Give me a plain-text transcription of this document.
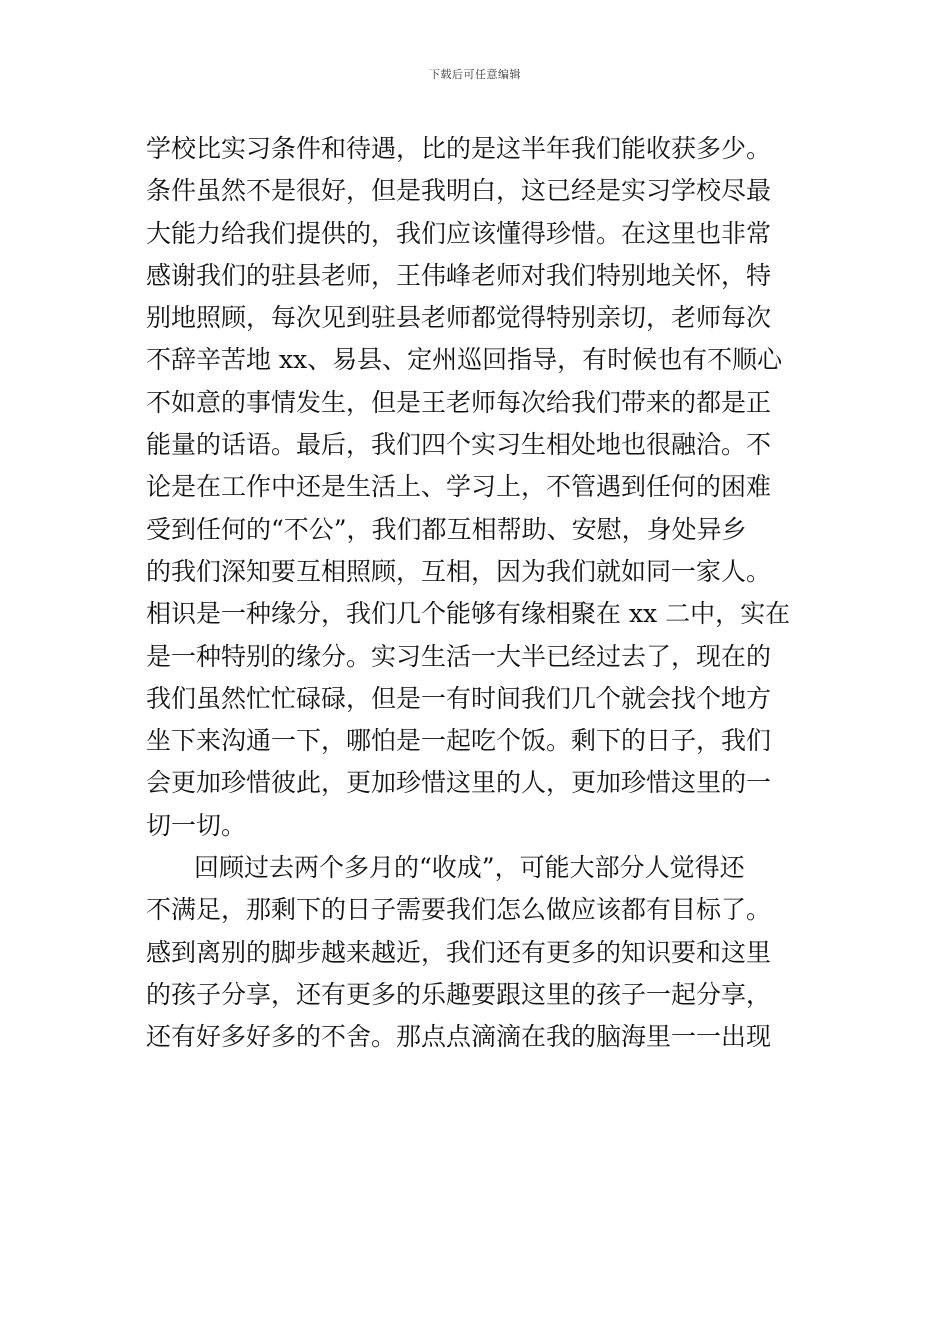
下载后可任意编辑
学校比实习条件和待遇，比的是这半年我们能收获多少。
条件虽然不是很好，但是我明白，这已经是实习学校尽最
大能力给我们提供的，我们应该懂得珍惜。在这里也非常
感谢我们的驻县老师，王伟峰老师对我们特别地关怀，特
别地照顾，每次见到驻县老师都觉得特别亲切，老师每次
不辞辛苦地 xx、易县、定州巡回指导，有时候也有不顺心
不如意的事情发生，但是王老师每次给我们带来的都是正
能量的话语。最后，我们四个实习生相处地也很融洽。不
论是在工作中还是生活上、学习上，不管遇到任何的困难
受到任何的“不公”，我们都互相帮助、安慰，身处异乡
的我们深知要互相照顾，互相，因为我们就如同一家人。
相识是一种缘分，我们几个能够有缘相聚在 xx 二中，实在
是一种特别的缘分。实习生活一大半已经过去了，现在的
我们虽然忙忙碌碌，但是一有时间我们几个就会找个地方
坐下来沟通一下，哪怕是一起吃个饭。剩下的日子，我们
会更加珍惜彼此，更加珍惜这里的人，更加珍惜这里的一
切一切。
回顾过去两个多月的“收成”，可能大部分人觉得还
不满足，那剩下的日子需要我们怎么做应该都有目标了。
感到离别的脚步越来越近，我们还有更多的知识要和这里
的孩子分享，还有更多的乐趣要跟这里的孩子一起分享，
还有好多好多的不舍。那点点滴滴在我的脑海里一一出现
